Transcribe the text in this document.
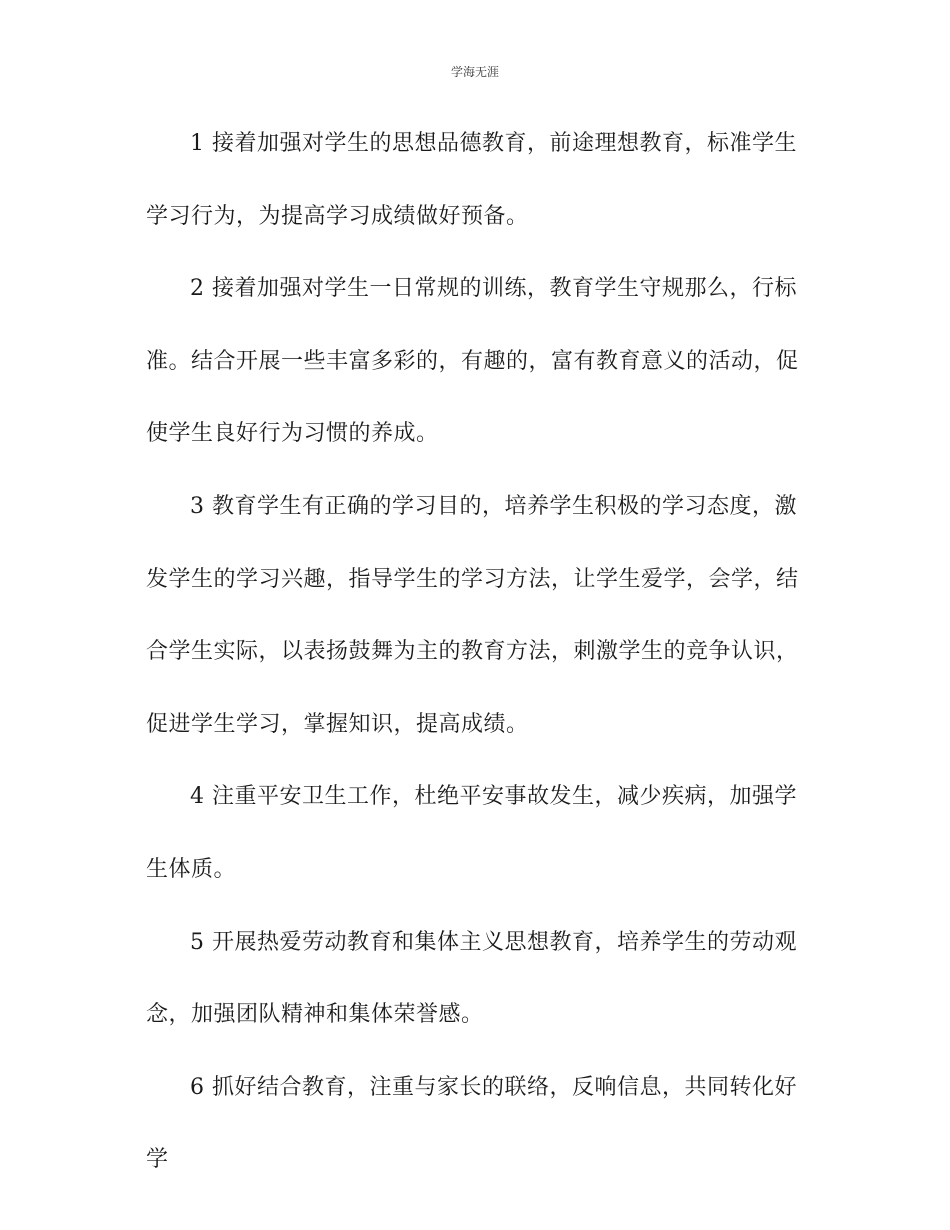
学海无涯

1 接着加强对学生的思想品德教育，前途理想教育，标准学生学习行为，为提高学习成绩做好预备。

2 接着加强对学生一日常规的训练，教育学生守规那么，行标准。结合开展一些丰富多彩的，有趣的，富有教育意义的活动，促使学生良好行为习惯的养成。

3 教育学生有正确的学习目的，培养学生积极的学习态度，激发学生的学习兴趣，指导学生的学习方法，让学生爱学，会学，结合学生实际，以表扬鼓舞为主的教育方法，刺激学生的竞争认识，促进学生学习，掌握知识，提高成绩。

4 注重平安卫生工作，杜绝平安事故发生，减少疾病，加强学生体质。

5 开展热爱劳动教育和集体主义思想教育，培养学生的劳动观念，加强团队精神和集体荣誉感。

6 抓好结合教育，注重与家长的联络，反响信息，共同转化好学
